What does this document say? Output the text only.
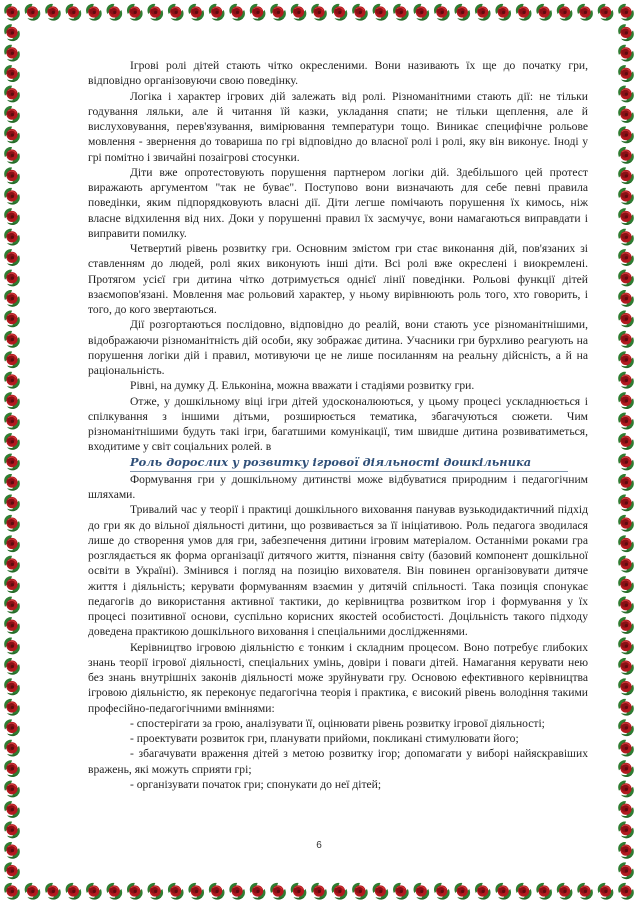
Ігрові ролі дітей стають чітко окресленими. Вони називають їх ще до початку гри, відповідно організовуючи свою поведінку.

Логіка і характер ігрових дій залежать від ролі. Різноманітними стають дії: не тільки годування ляльки, але й читання їй казки, укладання спати; не тільки щеплення, але й вислуховування, перев'язування, вимірювання температури тощо. Виникає специфічне рольове мовлення - звернення до товариша по грі відповідно до власної ролі і ролі, яку він виконує. Іноді у грі помітно і звичайні позаігрові стосунки.

Діти вже опротестовують порушення партнером логіки дій. Здебільшого цей протест виражають аргументом "так не буває". Поступово вони визначають для себе певні правила поведінки, яким підпорядковують власні дії. Діти легше помічають порушення їх кимось, ніж власне відхилення від них. Доки у порушенні правил їх засмучує, вони намагаються виправдати і виправити помилку.

Четвертий рівень розвитку гри. Основним змістом гри стає виконання дій, пов'язаних зі ставленням до людей, ролі яких виконують інші діти. Всі ролі вже окреслені і виокремлені. Протягом усієї гри дитина чітко дотримується однієї лінії поведінки. Рольові функції дітей взаємопов'язані. Мовлення має рольовий характер, у ньому вирівнюють роль того, хто говорить, і того, до кого звертаються.

Дії розгортаються послідовно, відповідно до реалій, вони стають усе різноманітнішими, відображаючи різноманітність дій особи, яку зображає дитина. Учасники гри бурхливо реагують на порушення логіки дій і правил, мотивуючи це не лише посиланням на реальну дійсність, а й на раціональність.

Рівні, на думку Д. Ельконіна, можна вважати і стадіями розвитку гри.

Отже, у дошкільному віці ігри дітей удосконалюються, у цьому процесі ускладнюється і спілкування з іншими дітьми, розширюється тематика, збагачуються сюжети. Чим різноманітнішими будуть такі ігри, багатшими комунікації, тим швидше дитина розвиватиметься, входитиме у світ соціальних ролей. в

Роль дорослих у розвитку ігрової діяльності дошкільника

Формування гри у дошкільному дитинстві може відбуватися природним і педагогічним шляхами.

Тривалий час у теорії і практиці дошкільного виховання панував вузькодидактичний підхід до гри як до вільної діяльності дитини, що розвивається за її ініціативою. Роль педагога зводилася лише до створення умов для гри, забезпечення дитини ігровим матеріалом. Останніми роками гра розглядається як форма організації дитячого життя, пізнання світу (базовий компонент дошкільної освіти в Україні). Змінився і погляд на позицію вихователя. Він повинен організовувати дитяче життя і діяльність; керувати формуванням взаємин у дитячій спільності. Така позиція спонукає педагогів до використання активної тактики, до керівництва розвитком ігор і формування у їх процесі позитивної основи, суспільно корисних якостей особистості. Доцільність такого підходу доведена практикою дошкільного виховання і спеціальними дослідженнями.

Керівництво ігровою діяльністю є тонким і складним процесом. Воно потребує глибоких знань теорії ігрової діяльності, спеціальних умінь, довіри і поваги дітей. Намагання керувати нею без знань внутрішніх законів діяльності може зруйнувати гру. Основою ефективного керівництва ігровою діяльністю, як переконує педагогічна теорія і практика, є високий рівень володіння такими професійно-педагогічними вміннями:

- спостерігати за грою, аналізувати її, оцінювати рівень розвитку ігрової діяльності;

- проектувати розвиток гри, планувати прийоми, покликані стимулювати його;

- збагачувати враження дітей з метою розвитку ігор; допомагати у виборі найяскравіших вражень, які можуть сприяти грі;

- організувати початок гри; спонукати до неї дітей;

6
